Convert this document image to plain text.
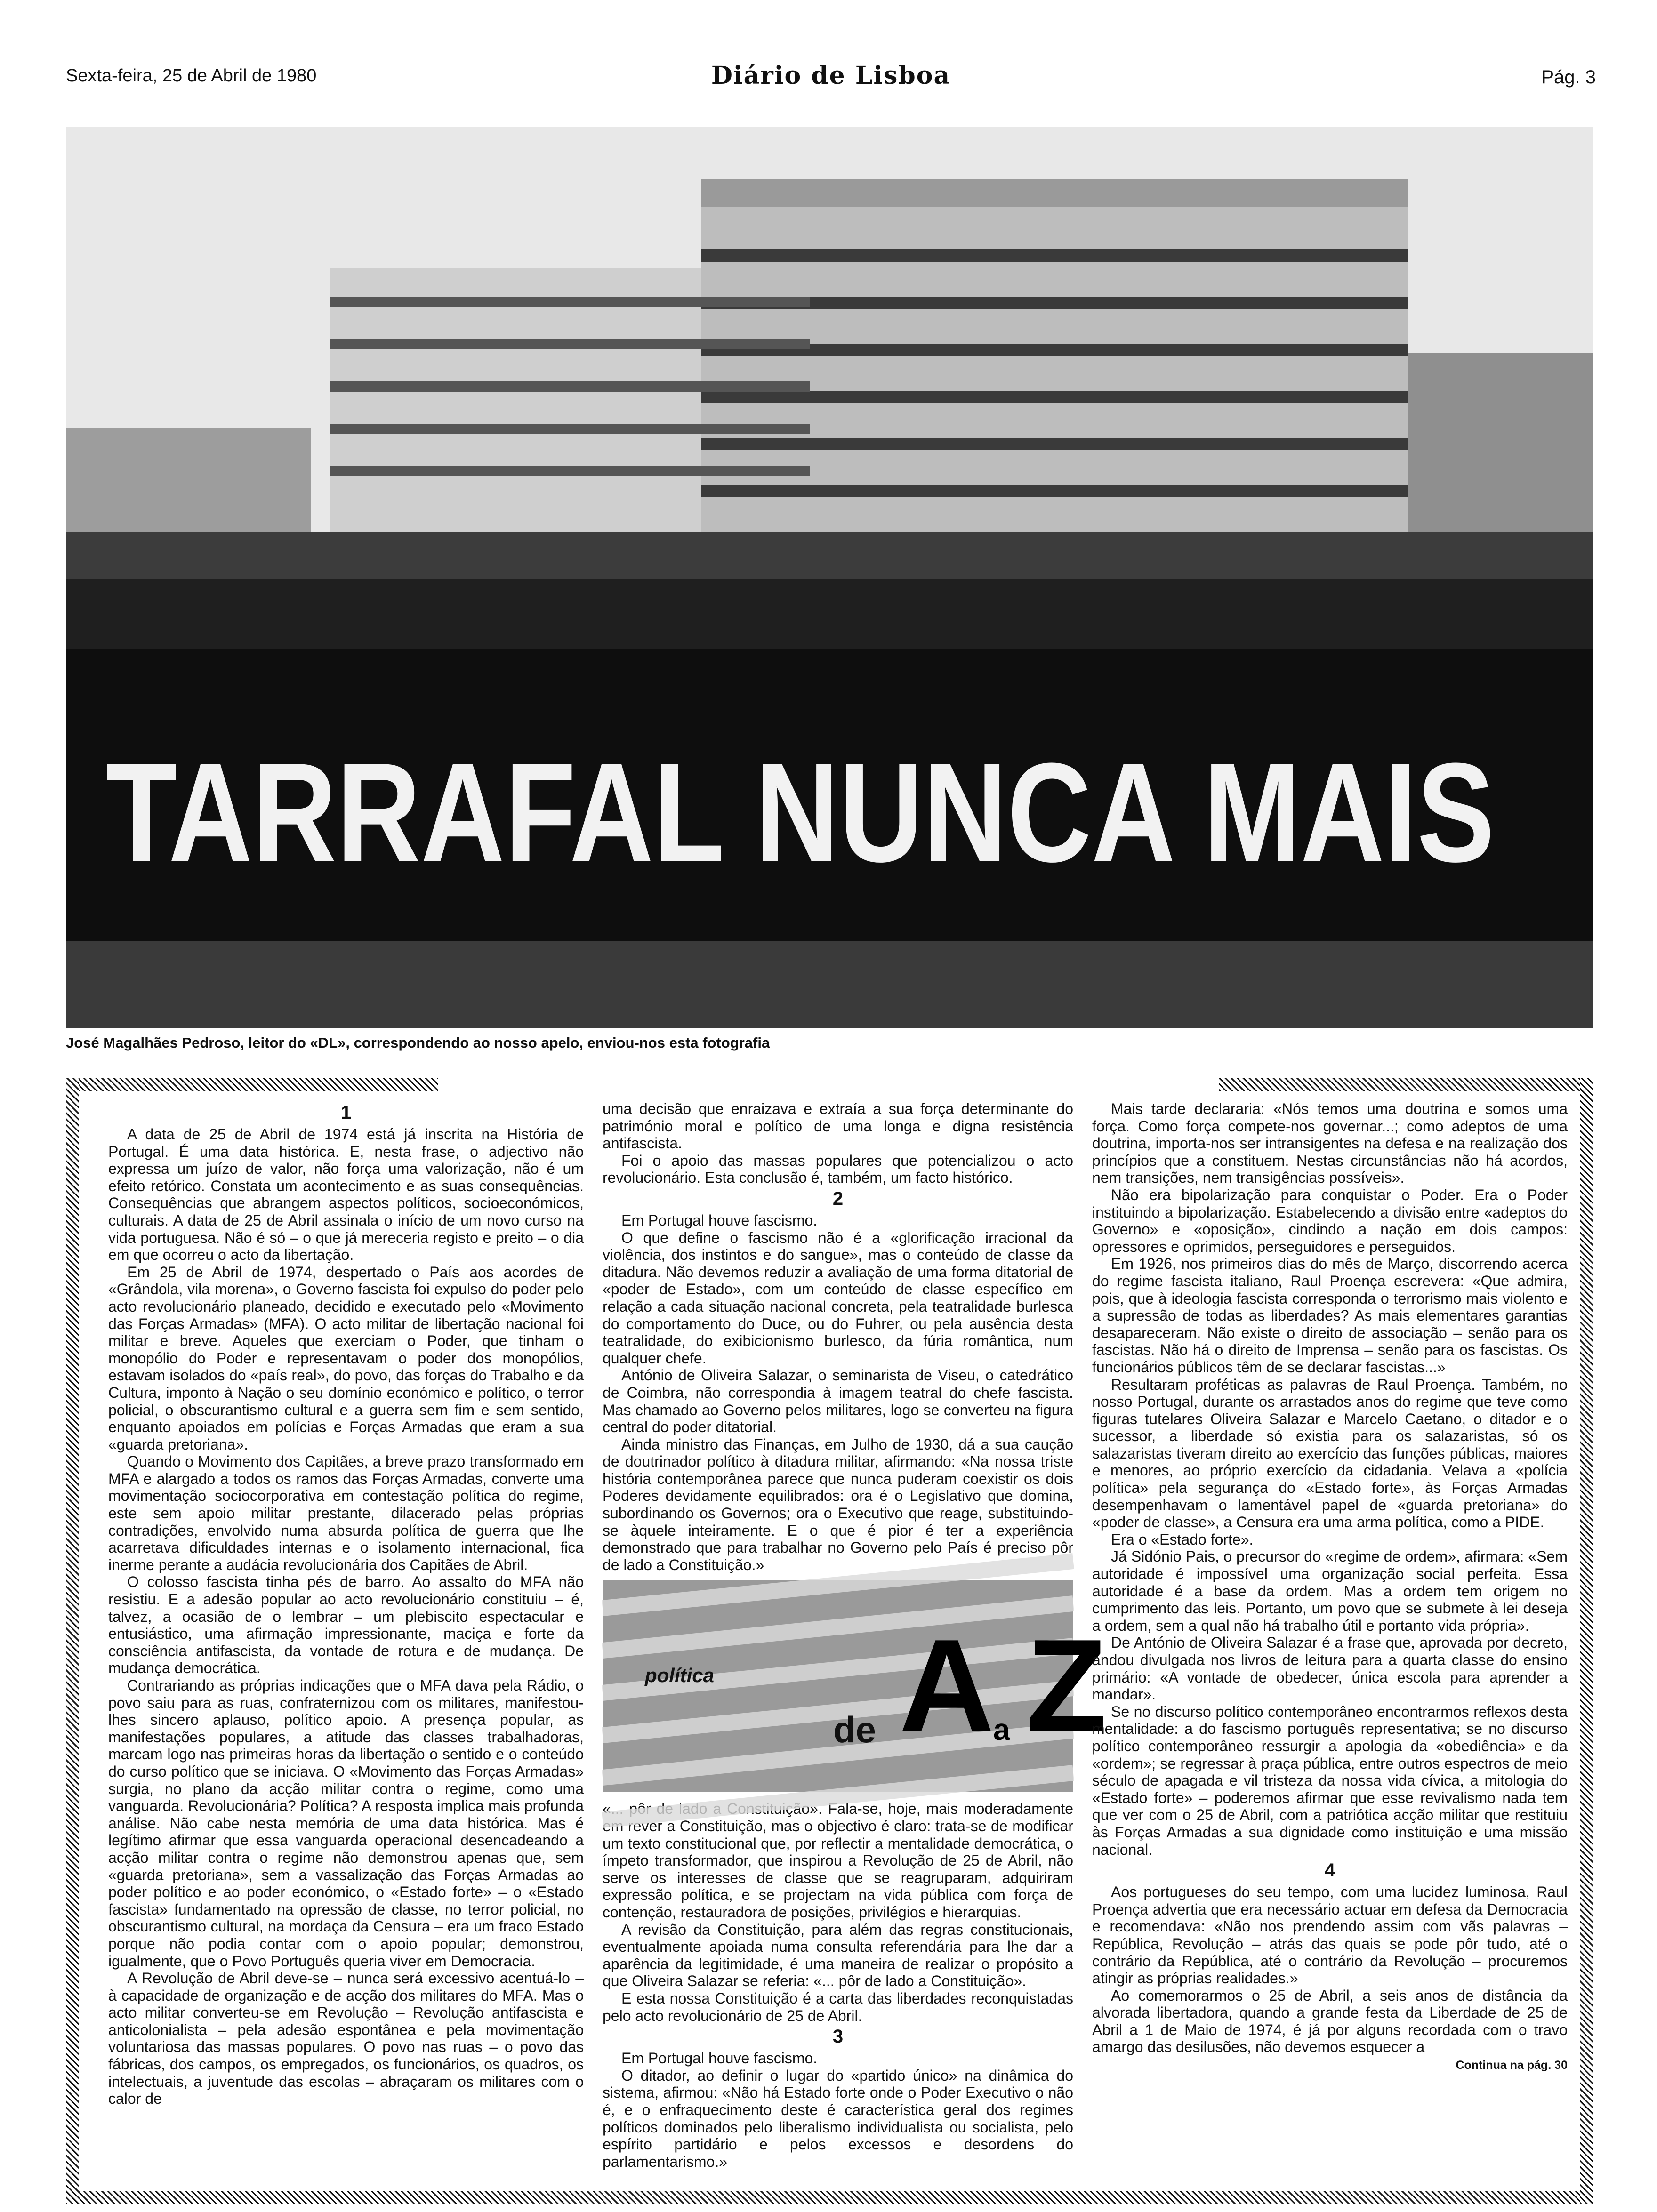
Sexta-feira, 25 de Abril de 1980	Diário de Lisboa	Pág. 3
TARRAFAL NUNCA MAIS
José Magalhães Pedroso, leitor do «DL», correspondendo ao nosso apelo, enviou-nos esta fotografia
1

A data de 25 de Abril de 1974 está já inscrita na História de Portugal. É uma data histórica. E, nesta frase, o adjectivo não expressa um juízo de valor, não força uma valorização, não é um efeito retórico. Constata um acontecimento e as suas consequências. Consequências que abrangem aspectos políticos, socioeconómicos, culturais. A data de 25 de Abril assinala o início de um novo curso na vida portuguesa. Não é só – o que já mereceria registo e preito – o dia em que ocorreu o acto da libertação.

Em 25 de Abril de 1974, despertado o País aos acordes de «Grândola, vila morena», o Governo fascista foi expulso do poder pelo acto revolucionário planeado, decidido e executado pelo «Movimento das Forças Armadas» (MFA). O acto militar de libertação nacional foi militar e breve. Aqueles que exerciam o Poder, que tinham o monopólio do Poder e representavam o poder dos monopólios, estavam isolados do «país real», do povo, das forças do Trabalho e da Cultura, imponto à Nação o seu domínio económico e político, o terror policial, o obscurantismo cultural e a guerra sem fim e sem sentido, enquanto apoiados em polícias e Forças Armadas que eram a sua «guarda pretoriana».

Quando o Movimento dos Capitães, a breve prazo transformado em MFA e alargado a todos os ramos das Forças Armadas, converte uma movimentação sociocorporativa em contestação política do regime, este sem apoio militar prestante, dilacerado pelas próprias contradições, envolvido numa absurda política de guerra que lhe acarretava dificuldades internas e o isolamento internacional, fica inerme perante a audácia revolucionária dos Capitães de Abril.

O colosso fascista tinha pés de barro. Ao assalto do MFA não resistiu. E a adesão popular ao acto revolucionário constituiu – é, talvez, a ocasião de o lembrar – um plebiscito espectacular e entusiástico, uma afirmação impressionante, maciça e forte da consciência antifascista, da vontade de rotura e de mudança. De mudança democrática.

Contrariando as próprias indicações que o MFA dava pela Rádio, o povo saiu para as ruas, confraternizou com os militares, manifestou-lhes sincero aplauso, político apoio. A presença popular, as manifestações populares, a atitude das classes trabalhadoras, marcam logo nas primeiras horas da libertação o sentido e o conteúdo do curso político que se iniciava. O «Movimento das Forças Armadas» surgia, no plano da acção militar contra o regime, como uma vanguarda. Revolucionária? Política? A resposta implica mais profunda análise. Não cabe nesta memória de uma data histórica. Mas é legítimo afirmar que essa vanguarda operacional desencadeando a acção militar contra o regime não demonstrou apenas que, sem «guarda pretoriana», sem a vassalização das Forças Armadas ao poder político e ao poder económico, o «Estado forte» – o «Estado fascista» fundamentado na opressão de classe, no terror policial, no obscurantismo cultural, na mordaça da Censura – era um fraco Estado porque não podia contar com o apoio popular; demonstrou, igualmente, que o Povo Português queria viver em Democracia.

A Revolução de Abril deve-se – nunca será excessivo acentuá-lo – à capacidade de organização e de acção dos militares do MFA. Mas o acto militar converteu-se em Revolução – Revolução antifascista e anticolonialista – pela adesão espontânea e pela movimentação voluntariosa das massas populares. O povo nas ruas – o povo das fábricas, dos campos, os empregados, os funcionários, os quadros, os intelectuais, a juventude das escolas – abraçaram os militares com o calor de

uma decisão que enraizava e extraía a sua força determinante do património moral e político de uma longa e digna resistência antifascista.

Foi o apoio das massas populares que potencializou o acto revolucionário. Esta conclusão é, também, um facto histórico.

2

Em Portugal houve fascismo.

O que define o fascismo não é a «glorificação irracional da violência, dos instintos e do sangue», mas o conteúdo de classe da ditadura. Não devemos reduzir a avaliação de uma forma ditatorial de «poder de Estado», com um conteúdo de classe específico em relação a cada situação nacional concreta, pela teatralidade burlesca do comportamento do Duce, ou do Fuhrer, ou pela ausência desta teatralidade, do exibicionismo burlesco, da fúria romântica, num qualquer chefe.

António de Oliveira Salazar, o seminarista de Viseu, o catedrático de Coimbra, não correspondia à imagem teatral do chefe fascista. Mas chamado ao Governo pelos militares, logo se converteu na figura central do poder ditatorial.

Ainda ministro das Finanças, em Julho de 1930, dá a sua caução de doutrinador político à ditadura militar, afirmando: «Na nossa triste história contemporânea parece que nunca puderam coexistir os dois Poderes devidamente equilibrados: ora é o Legislativo que domina, subordinando os Governos; ora o Executivo que reage, substituindo-se àquele inteiramente. E o que é pior é ter a experiência demonstrado que para trabalhar no Governo pelo País é preciso pôr de lado a Constituição.»

política
de A
a Z

«... pôr de lado a Constituição». Fala-se, hoje, mais moderadamente em rever a Constituição, mas o objectivo é claro: trata-se de modificar um texto constitucional que, por reflectir a mentalidade democrática, o ímpeto transformador, que inspirou a Revolução de 25 de Abril, não serve os interesses de classe que se reagruparam, adquiriram expressão política, e se projectam na vida pública com força de contenção, restauradora de posições, privilégios e hierarquias.

A revisão da Constituição, para além das regras constitucionais, eventualmente apoiada numa consulta referendária para lhe dar a aparência da legitimidade, é uma maneira de realizar o propósito a que Oliveira Salazar se referia: «... pôr de lado a Constituição».

E esta nossa Constituição é a carta das liberdades reconquistadas pelo acto revolucionário de 25 de Abril.

3

Em Portugal houve fascismo.

O ditador, ao definir o lugar do «partido único» na dinâmica do sistema, afirmou: «Não há Estado forte onde o Poder Executivo o não é, e o enfraquecimento deste é característica geral dos regimes políticos dominados pelo liberalismo individualista ou socialista, pelo espírito partidário e pelos excessos e desordens do parlamentarismo.»

Mais tarde declararia: «Nós temos uma doutrina e somos uma força. Como força compete-nos governar...; como adeptos de uma doutrina, importa-nos ser intransigentes na defesa e na realização dos princípios que a constituem. Nestas circunstâncias não há acordos, nem transições, nem transigências possíveis».

Não era bipolarização para conquistar o Poder. Era o Poder instituindo a bipolarização. Estabelecendo a divisão entre «adeptos do Governo» e «oposição», cindindo a nação em dois campos: opressores e oprimidos, perseguidores e perseguidos.

Em 1926, nos primeiros dias do mês de Março, discorrendo acerca do regime fascista italiano, Raul Proença escrevera: «Que admira, pois, que à ideologia fascista corresponda o terrorismo mais violento e a supressão de todas as liberdades? As mais elementares garantias desapareceram. Não existe o direito de associação – senão para os fascistas. Não há o direito de Imprensa – senão para os fascistas. Os funcionários públicos têm de se declarar fascistas...»

Resultaram proféticas as palavras de Raul Proença. Também, no nosso Portugal, durante os arrastados anos do regime que teve como figuras tutelares Oliveira Salazar e Marcelo Caetano, o ditador e o sucessor, a liberdade só existia para os salazaristas, só os salazaristas tiveram direito ao exercício das funções públicas, maiores e menores, ao próprio exercício da cidadania. Velava a «polícia política» pela segurança do «Estado forte», às Forças Armadas desempenhavam o lamentável papel de «guarda pretoriana» do «poder de classe», a Censura era uma arma política, como a PIDE.

Era o «Estado forte».

Já Sidónio Pais, o precursor do «regime de ordem», afirmara: «Sem autoridade é impossível uma organização social perfeita. Essa autoridade é a base da ordem. Mas a ordem tem origem no cumprimento das leis. Portanto, um povo que se submete à lei deseja a ordem, sem a qual não há trabalho útil e portanto vida própria».

De António de Oliveira Salazar é a frase que, aprovada por decreto, andou divulgada nos livros de leitura para a quarta classe do ensino primário: «A vontade de obedecer, única escola para aprender a mandar».

Se no discurso político contemporâneo encontrarmos reflexos desta mentalidade: a do fascismo português representativa; se no discurso político contemporâneo ressurgir a apologia da «obediência» e da «ordem»; se regressar à praça pública, entre outros espectros de meio século de apagada e vil tristeza da nossa vida cívica, a mitologia do «Estado forte» – poderemos afirmar que esse revivalismo nada tem que ver com o 25 de Abril, com a patriótica acção militar que restituiu às Forças Armadas a sua dignidade como instituição e uma missão nacional.

4

Aos portugueses do seu tempo, com uma lucidez luminosa, Raul Proença advertia que era necessário actuar em defesa da Democracia e recomendava: «Não nos prendendo assim com vãs palavras – República, Revolução – atrás das quais se pode pôr tudo, até o contrário da República, até o contrário da Revolução – procuremos atingir as próprias realidades.»

Ao comemorarmos o 25 de Abril, a seis anos de distância da alvorada libertadora, quando a grande festa da Liberdade de 25 de Abril a 1 de Maio de 1974, é já por alguns recordada com o travo amargo das desilusões, não devemos esquecer a

Continua na pág. 30
